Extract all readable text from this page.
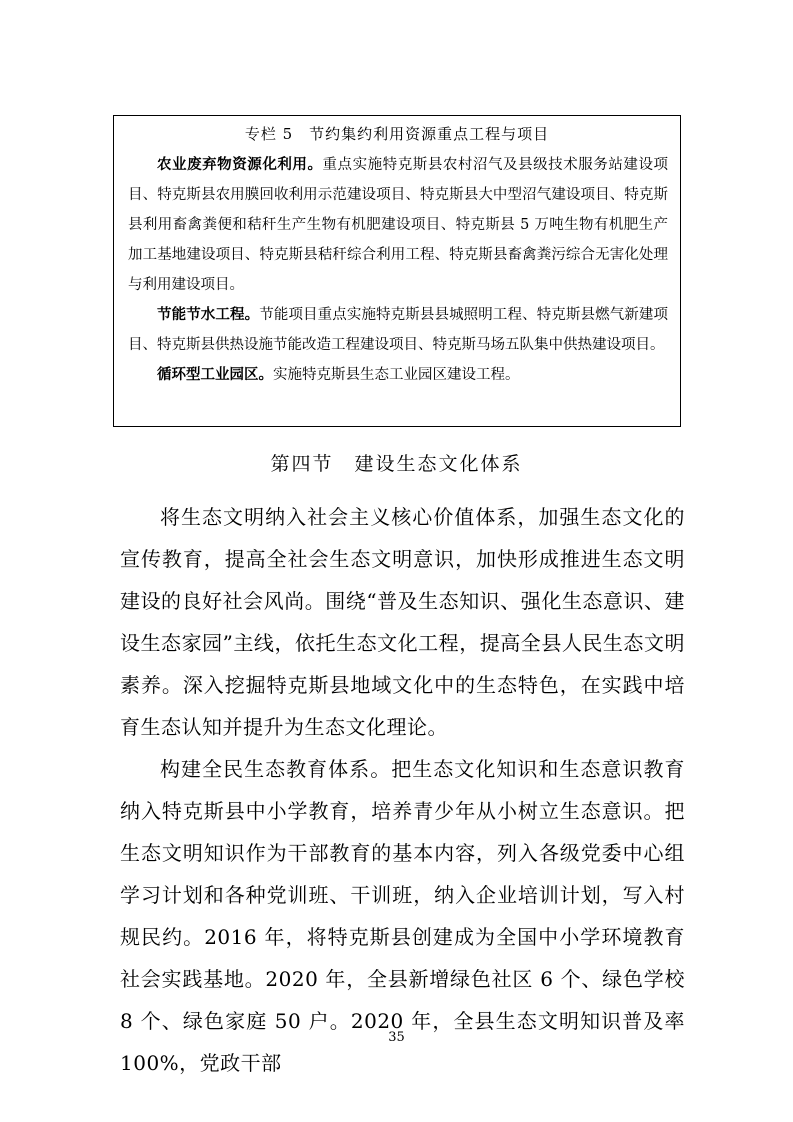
专栏 5　节约集约利用资源重点工程与项目

农业废弃物资源化利用。重点实施特克斯县农村沼气及县级技术服务站建设项目、特克斯县农用膜回收利用示范建设项目、特克斯县大中型沼气建设项目、特克斯县利用畜禽粪便和秸秆生产生物有机肥建设项目、特克斯县 5 万吨生物有机肥生产加工基地建设项目、特克斯县秸秆综合利用工程、特克斯县畜禽粪污综合无害化处理与利用建设项目。

节能节水工程。节能项目重点实施特克斯县县城照明工程、特克斯县燃气新建项目、特克斯县供热设施节能改造工程建设项目、特克斯马场五队集中供热建设项目。

循环型工业园区。实施特克斯县生态工业园区建设工程。

第四节　建设生态文化体系

将生态文明纳入社会主义核心价值体系，加强生态文化的宣传教育，提高全社会生态文明意识，加快形成推进生态文明建设的良好社会风尚。围绕“普及生态知识、强化生态意识、建设生态家园”主线，依托生态文化工程，提高全县人民生态文明素养。深入挖掘特克斯县地域文化中的生态特色，在实践中培育生态认知并提升为生态文化理论。

构建全民生态教育体系。把生态文化知识和生态意识教育纳入特克斯县中小学教育，培养青少年从小树立生态意识。把生态文明知识作为干部教育的基本内容，列入各级党委中心组学习计划和各种党训班、干训班，纳入企业培训计划，写入村规民约。2016 年，将特克斯县创建成为全国中小学环境教育社会实践基地。2020 年，全县新增绿色社区 6 个、绿色学校 8 个、绿色家庭 50 户。2020 年，全县生态文明知识普及率 100%，党政干部

35
